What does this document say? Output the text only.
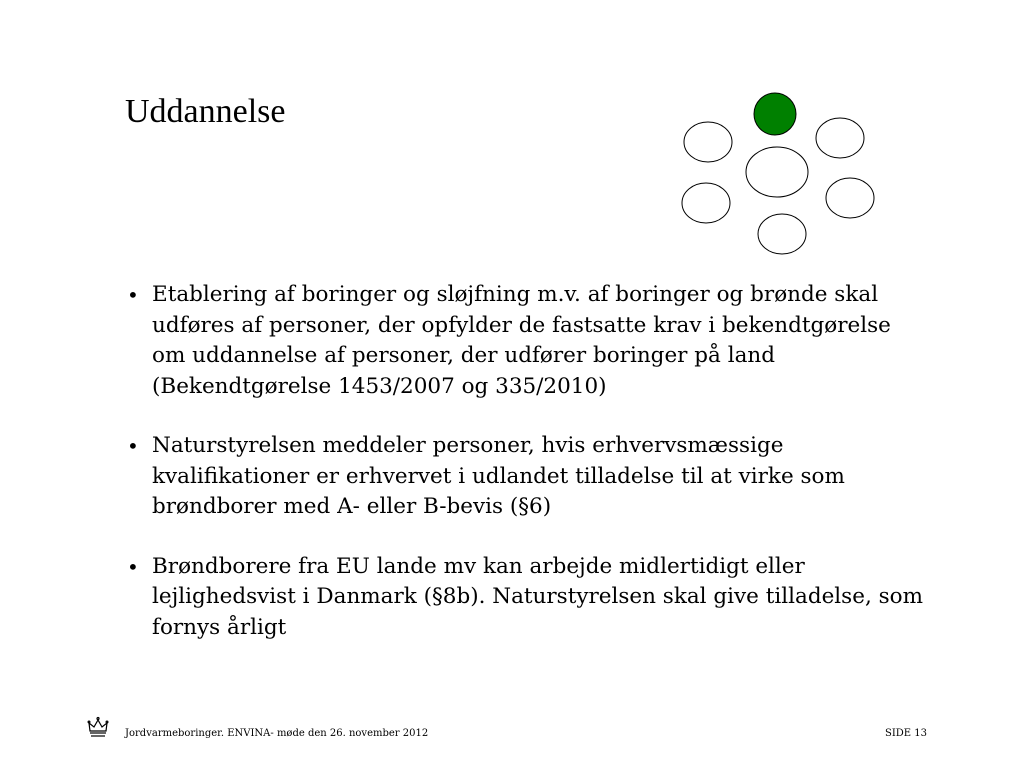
Uddannelse
• Etablering af boringer og sløjfning m.v. af boringer og brønde skal udføres af personer, der opfylder de fastsatte krav i bekendtgørelse om uddannelse af personer, der udfører boringer på land (Bekendtgørelse 1453/2007 og 335/2010)
• Naturstyrelsen meddeler personer, hvis erhvervsmæssige kvalifikationer er erhvervet i udlandet tilladelse til at virke som brøndborer med A- eller B-bevis (§6)
• Brøndborere fra EU lande mv kan arbejde midlertidigt eller lejlighedsvist i Danmark (§8b). Naturstyrelsen skal give tilladelse, som fornys årligt
Jordvarmeboringer. ENVINA- møde den 26. november 2012	SIDE 13
